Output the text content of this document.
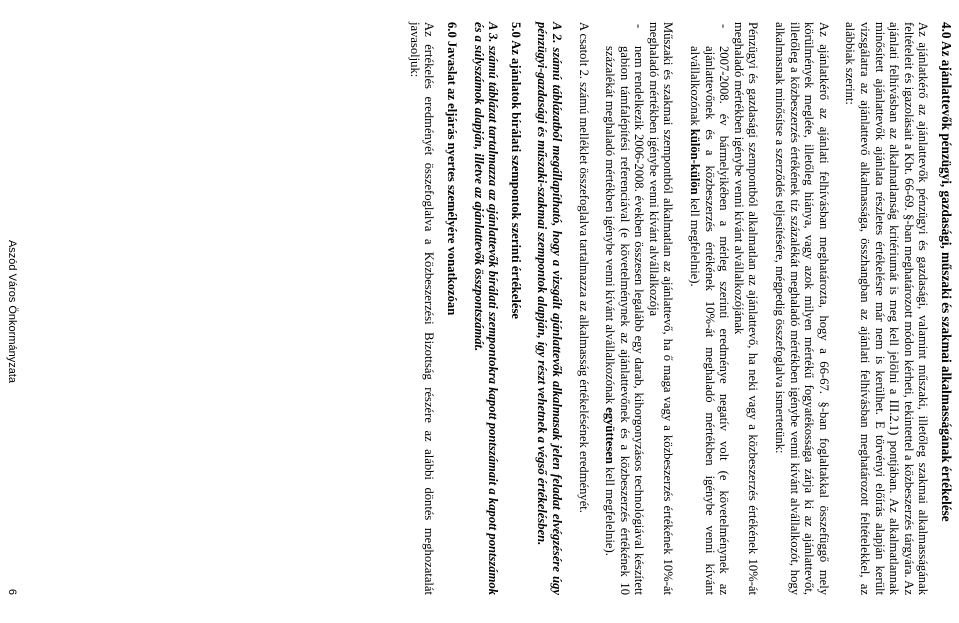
4.0 Az ajánlattevők pénzügyi, gazdasági, műszaki és szakmai alkalmasságának értékelése

Az ajánlatkérő az ajánlattevők pénzügyi és gazdasági, valamint műszaki, illetőleg szakmai alkalmasságának feltételeit és igazolásait a Kbt. 66-69. §-ban meghatározott módon kérheti, tekintettel a közbeszerzés tárgyára. Az ajánlati felhívásban az alkalmatlanság kritériumát is meg kell jelölni a III.2.1) pontjában. Az alkalmatlannak minősített ajánlattevők ajánlata részletes értékelésre már nem is kerülhet. E törvényi előírás alapján került vizsgálatra az ajánlattevő alkalmassága, összhangban az ajánlati felhívásban meghatározott feltételekkel, az alábbiak szerint:

Az ajánlatkérő az ajánlati felhívásban meghatározta, hogy a 66-67. §-ban foglaltakkal összefüggő mely körülmények megléte, illetőleg hiánya, vagy azok milyen mértékű fogyatékossága zárja ki az ajánlattevőt, illetőleg a közbeszerzés értékének tíz százalékát meghaladó mértékben igénybe venni kívánt alvállalkozót, hogy alkalmasnak minősítse a szerződés teljesítésére, mégpedig összefoglalva ismertetünk:

Pénzügyi és gazdasági szempontból alkalmatlan az ajánlattevő, ha neki vagy a közbeszerzés értékének 10%-át meghaladó mértékben igénybe venni kívánt alvállalkozójának

-
2007-2008. év bármelyikében a mérleg szerinti eredménye negatív volt (e követelménynek az ajánlattevőnek és a közbeszerzés értékének 10%-át meghaladó mértékben igénybe venni kívánt alvállalkozónak külön-külön kell megfelelnie).

Műszaki és szakmai szempontból alkalmatlan az ajánlattevő, ha ő maga vagy a közbeszerzés értékének 10%-át meghaladó mértékben igénybe venni kívánt alvállalkozója

-
nem rendelkezik 2006-2008. években összesen legalább egy darab, kihorgonyzásos technológiával készített gabion támfalépítési referenciával (e követelménynek az ajánlattevőnek és a közbeszerzés értékének 10 százalékát meghaladó mértékben igénybe venni kívánt alvállalkozónak együttesen kell megfelelnie).

A csatolt 2. számú melléklet összefoglalva tartalmazza az alkalmasság értékelésének eredményét.

A 2. számú táblázatból megállapítható, hogy a vizsgált ajánlattevők alkalmasak jelen feladat elvégzésére úgy pénzügyi-gazdasági és műszaki-szakmai szempontok alapján, így részt vehetnek a végső értékelésben.

5.0 Az ajánlatok bírálati szempontok szerinti értékelése

A 3. számú táblázat tartalmazza az ajánlattevők bírálati szempontokra kapott pontszámait a kapott pontszámok és a súlyszámok alapján, illetve az ajánlattevők összpontszámát.

6.0 Javaslat az eljárás nyertes személyére vonatkozóan

Az értékelés eredményét összefoglalva a Közbeszerzési Bizottság részére az alábbi döntés meghozatalát javasoljuk:

Aszód Város Önkormányzata
6
